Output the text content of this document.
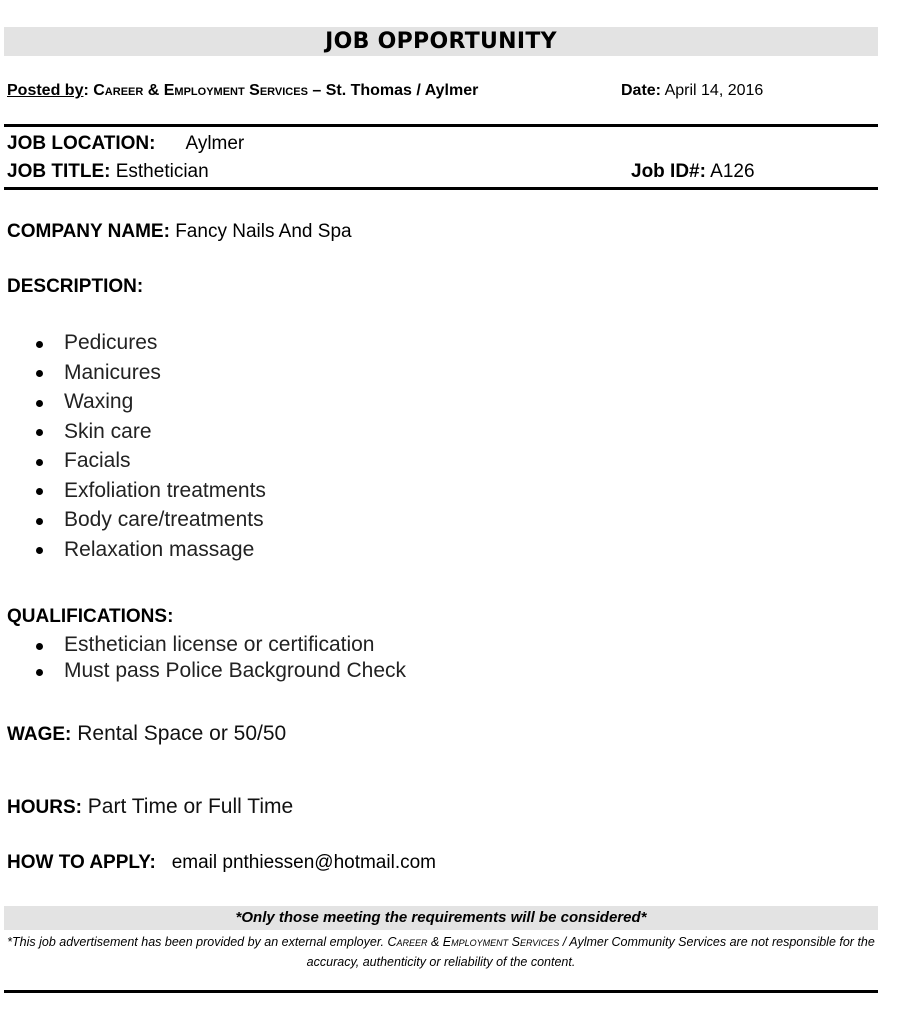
JOB OPPORTUNITY
Posted by: Career & Employment Services – St. Thomas / Aylmer	Date: April 14, 2016
JOB LOCATION: Aylmer
JOB TITLE: Esthetician	Job ID#: A126
COMPANY NAME: Fancy Nails And Spa
DESCRIPTION:
Pedicures
Manicures
Waxing
Skin care
Facials
Exfoliation treatments
Body care/treatments
Relaxation massage
QUALIFICATIONS:
Esthetician license or certification
Must pass Police Background Check
WAGE: Rental Space or 50/50
HOURS: Part Time or Full Time
HOW TO APPLY:   email pnthiessen@hotmail.com
*Only those meeting the requirements will be considered*
*This job advertisement has been provided by an external employer. Career & Employment Services / Aylmer Community Services are not responsible for the accuracy, authenticity or reliability of the content.
